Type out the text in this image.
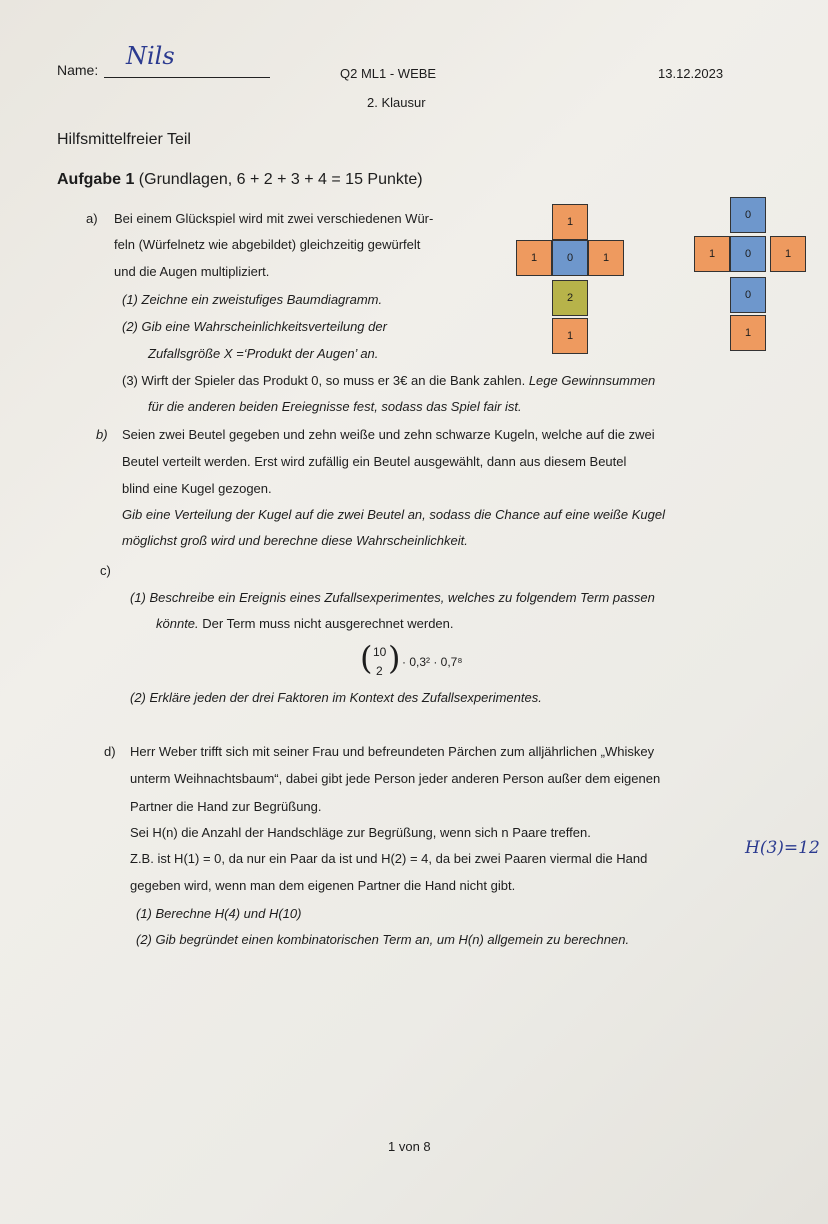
Name: Nils
Q2 ML1 - WEBE	13.12.2023
2. Klausur
Hilfsmittelfreier Teil
Aufgabe 1 (Grundlagen, 6 + 2 + 3 + 4 = 15 Punkte)
a) Bei einem Glückspiel wird mit zwei verschiedenen Wür-
feln (Würfelnetz wie abgebildet) gleichzeitig gewürfelt
und die Augen multipliziert.
(1) Zeichne ein zweistufiges Baumdiagramm.
(2) Gib eine Wahrscheinlichkeitsverteilung der
Zufallsgröße X =‘Produkt der Augen’ an.
(3) Wirft der Spieler das Produkt 0, so muss er 3€ an die Bank zahlen. Lege Gewinnsummen
für die anderen beiden Ereiegnisse fest, sodass das Spiel fair ist.
1
1	0	1
2
1
0
1	0	1
0
1
b) Seien zwei Beutel gegeben und zehn weiße und zehn schwarze Kugeln, welche auf die zwei
Beutel verteilt werden. Erst wird zufällig ein Beutel ausgewählt, dann aus diesem Beutel
blind eine Kugel gezogen.
Gib eine Verteilung der Kugel auf die zwei Beutel an, sodass die Chance auf eine weiße Kugel
möglichst groß wird und berechne diese Wahrscheinlichkeit.
c)
(1) Beschreibe ein Ereignis eines Zufallsexperimentes, welches zu folgendem Term passen
könnte. Der Term muss nicht ausgerechnet werden.
( 10
2 ) · 0,3² · 0,7⁸
(2) Erkläre jeden der drei Faktoren im Kontext des Zufallsexperimentes.
d) Herr Weber trifft sich mit seiner Frau und befreundeten Pärchen zum alljährlichen „Whiskey
unterm Weihnachtsbaum“, dabei gibt jede Person jeder anderen Person außer dem eigenen
Partner die Hand zur Begrüßung.
Sei H(n) die Anzahl der Handschläge zur Begrüßung, wenn sich n Paare treffen.
Z.B. ist H(1) = 0, da nur ein Paar da ist und H(2) = 4, da bei zwei Paaren viermal die Hand
gegeben wird, wenn man dem eigenen Partner die Hand nicht gibt.
(1) Berechne H(4) und H(10)
(2) Gib begründet einen kombinatorischen Term an, um H(n) allgemein zu berechnen.
H(3)=12
1 von 8
